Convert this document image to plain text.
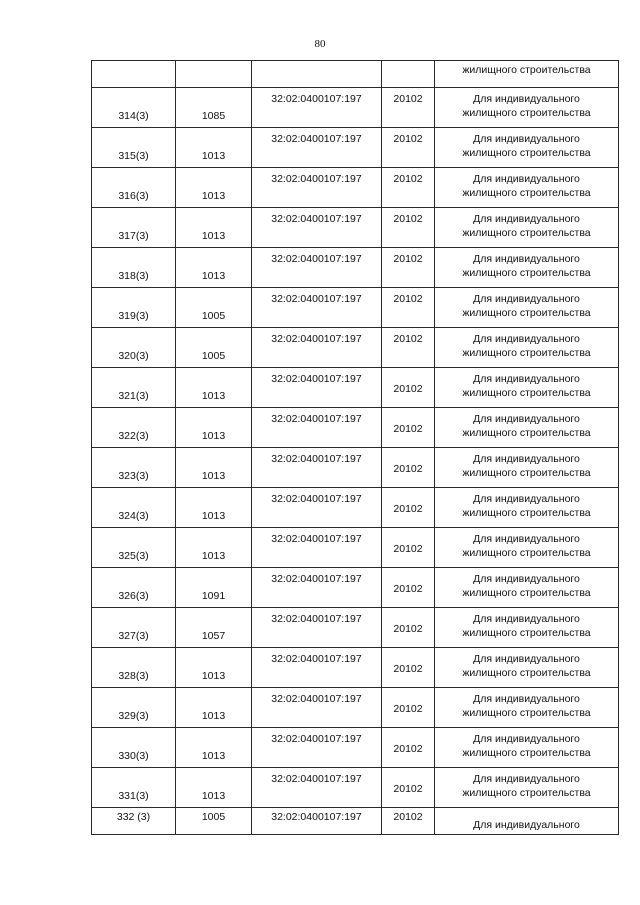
80

				жилищного строительства

314(3)	1085	32:02:0400107:197	20102	Для индивидуального
жилищного строительства

315(3)	1013	32:02:0400107:197	20102	Для индивидуального
жилищного строительства

316(3)	1013	32:02:0400107:197	20102	Для индивидуального
жилищного строительства

317(3)	1013	32:02:0400107:197	20102	Для индивидуального
жилищного строительства

318(3)	1013	32:02:0400107:197	20102	Для индивидуального
жилищного строительства

319(3)	1005	32:02:0400107:197	20102	Для индивидуального
жилищного строительства

320(3)	1005	32:02:0400107:197	20102	Для индивидуального
жилищного строительства

321(3)	1013	32:02:0400107:197	20102	Для индивидуального
жилищного строительства

322(3)	1013	32:02:0400107:197	20102	Для индивидуального
жилищного строительства

323(3)	1013	32:02:0400107:197	20102	Для индивидуального
жилищного строительства

324(3)	1013	32:02:0400107:197	20102	Для индивидуального
жилищного строительства

325(3)	1013	32:02:0400107:197	20102	Для индивидуального
жилищного строительства

326(3)	1091	32:02:0400107:197	20102	Для индивидуального
жилищного строительства

327(3)	1057	32:02:0400107:197	20102	Для индивидуального
жилищного строительства

328(3)	1013	32:02:0400107:197	20102	Для индивидуального
жилищного строительства

329(3)	1013	32:02:0400107:197	20102	Для индивидуального
жилищного строительства

330(3)	1013	32:02:0400107:197	20102	Для индивидуального
жилищного строительства

331(3)	1013	32:02:0400107:197	20102	Для индивидуального
жилищного строительства

332 (3)	1005	32:02:0400107:197	20102	Для индивидуального
